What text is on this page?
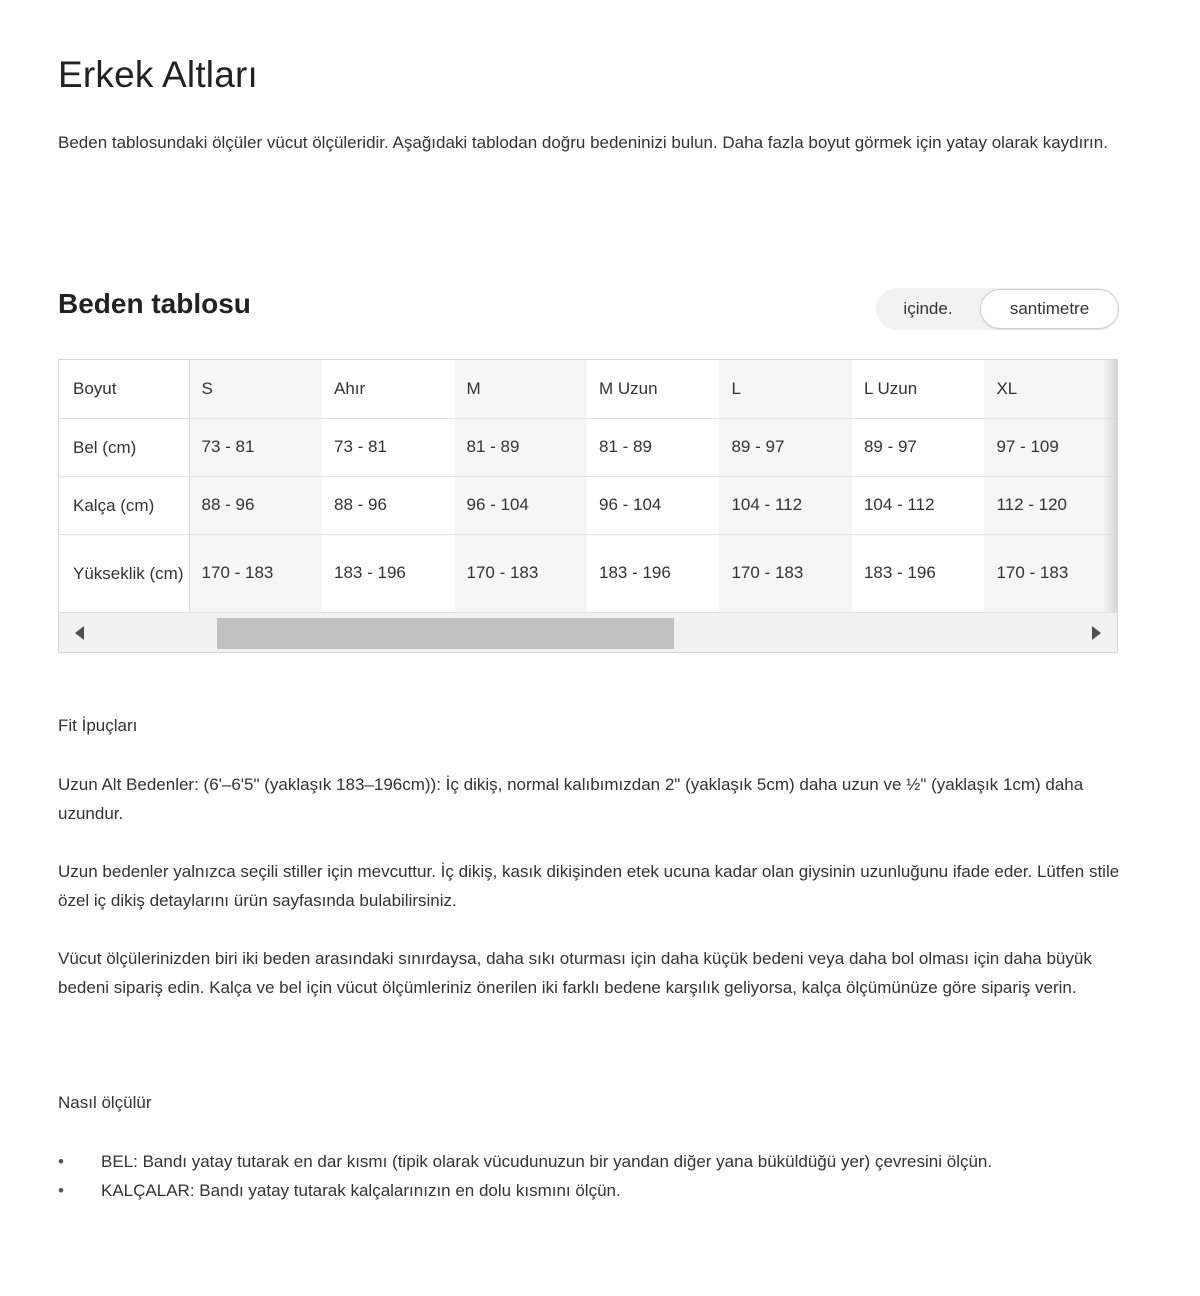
Erkek Altları

Beden tablosundaki ölçüler vücut ölçüleridir. Aşağıdaki tablodan doğru bedeninizi bulun. Daha fazla boyut görmek için yatay olarak kaydırın.

Beden tablosu	içinde.	santimetre
Boyut	S	Ahır	M	M Uzun	L	L Uzun	XL
Bel (cm)	73 - 81	73 - 81	81 - 89	81 - 89	89 - 97	89 - 97	97 - 109
Kalça (cm)	88 - 96	88 - 96	96 - 104	96 - 104	104 - 112	104 - 112	112 - 120
Yükseklik (cm)	170 - 183	183 - 196	170 - 183	183 - 196	170 - 183	183 - 196	170 - 183

Fit İpuçları

Uzun Alt Bedenler: (6'–6'5" (yaklaşık 183–196cm)): İç dikiş, normal kalıbımızdan 2" (yaklaşık 5cm) daha uzun ve ½" (yaklaşık 1cm) daha uzundur.

Uzun bedenler yalnızca seçili stiller için mevcuttur. İç dikiş, kasık dikişinden etek ucuna kadar olan giysinin uzunluğunu ifade eder. Lütfen stile özel iç dikiş detaylarını ürün sayfasında bulabilirsiniz.

Vücut ölçülerinizden biri iki beden arasındaki sınırdaysa, daha sıkı oturması için daha küçük bedeni veya daha bol olması için daha büyük bedeni sipariş edin. Kalça ve bel için vücut ölçümleriniz önerilen iki farklı bedene karşılık geliyorsa, kalça ölçümünüze göre sipariş verin.

Nasıl ölçülür

• BEL: Bandı yatay tutarak en dar kısmı (tipik olarak vücudunuzun bir yandan diğer yana büküldüğü yer) çevresini ölçün.
• KALÇALAR: Bandı yatay tutarak kalçalarınızın en dolu kısmını ölçün.
